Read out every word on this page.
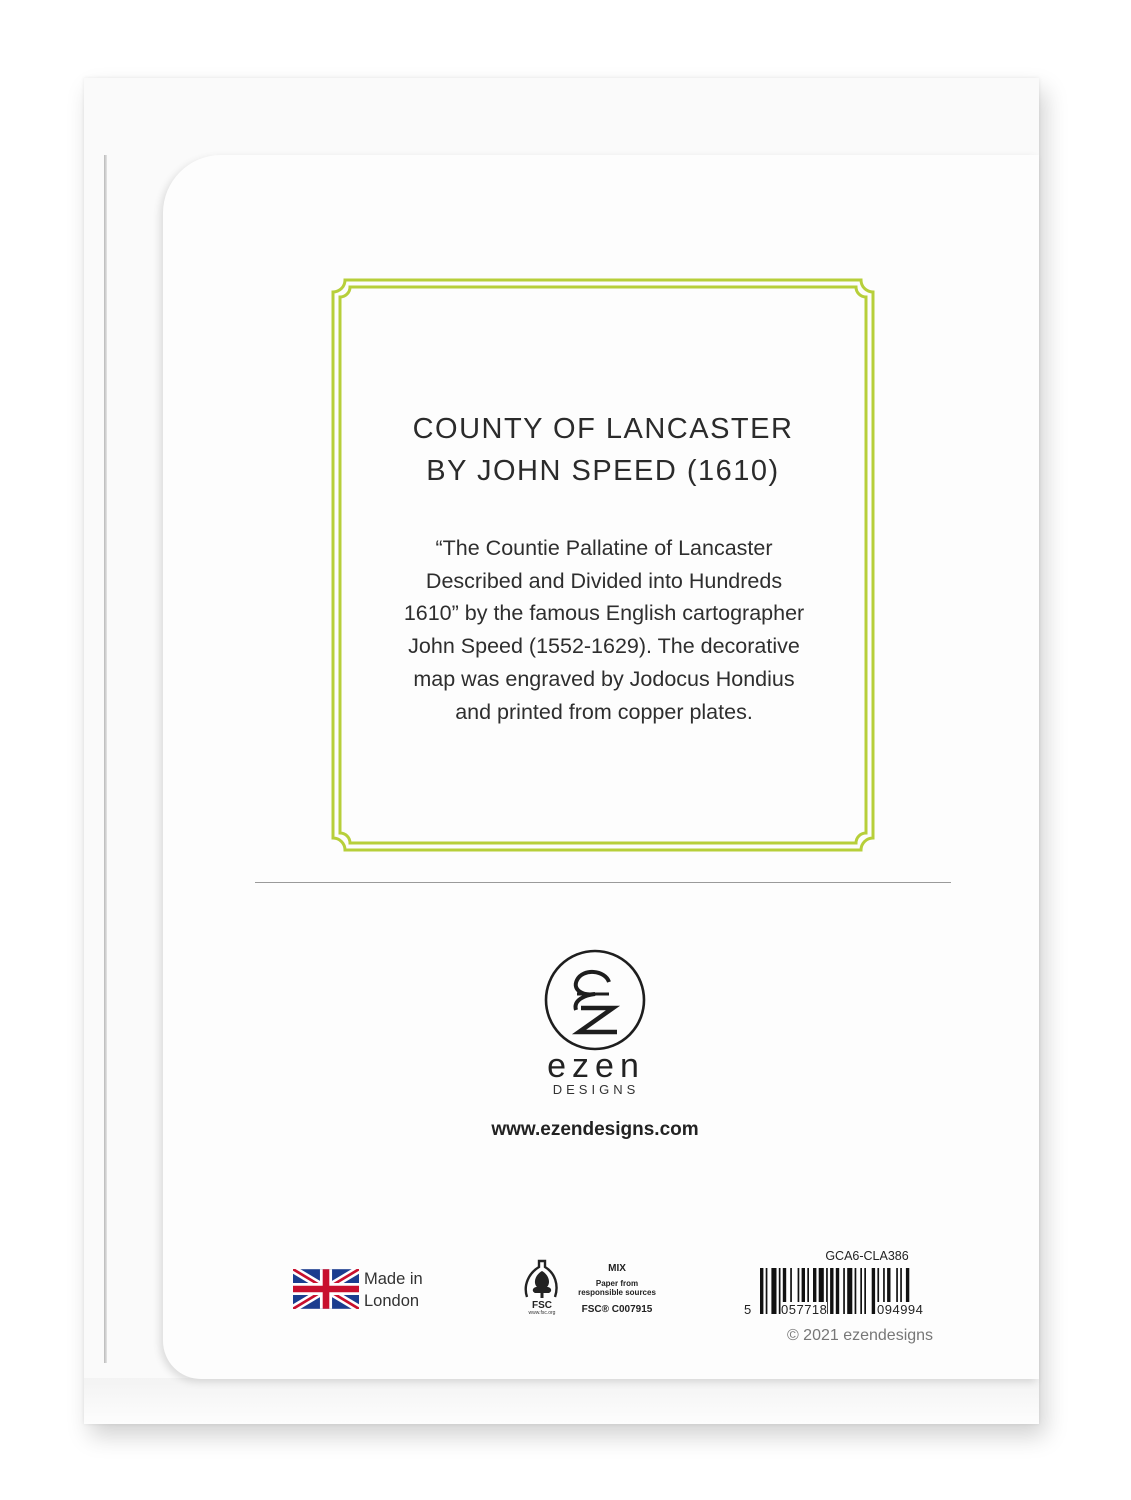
COUNTY OF LANCASTER
BY JOHN SPEED (1610)
“The Countie Pallatine of Lancaster
Described and Divided into Hundreds
1610” by the famous English cartographer
John Speed (1552-1629). The decorative
map was engraved by Jodocus Hondius
and printed from copper plates.
ezen
DESIGNS
www.ezendesigns.com
Made in
London	FSC
www.fsc.org
MIX
Paper from
responsible sources
FSC® C007915
GCA6-CLA386
5 057718	094994
© 2021 ezendesigns
